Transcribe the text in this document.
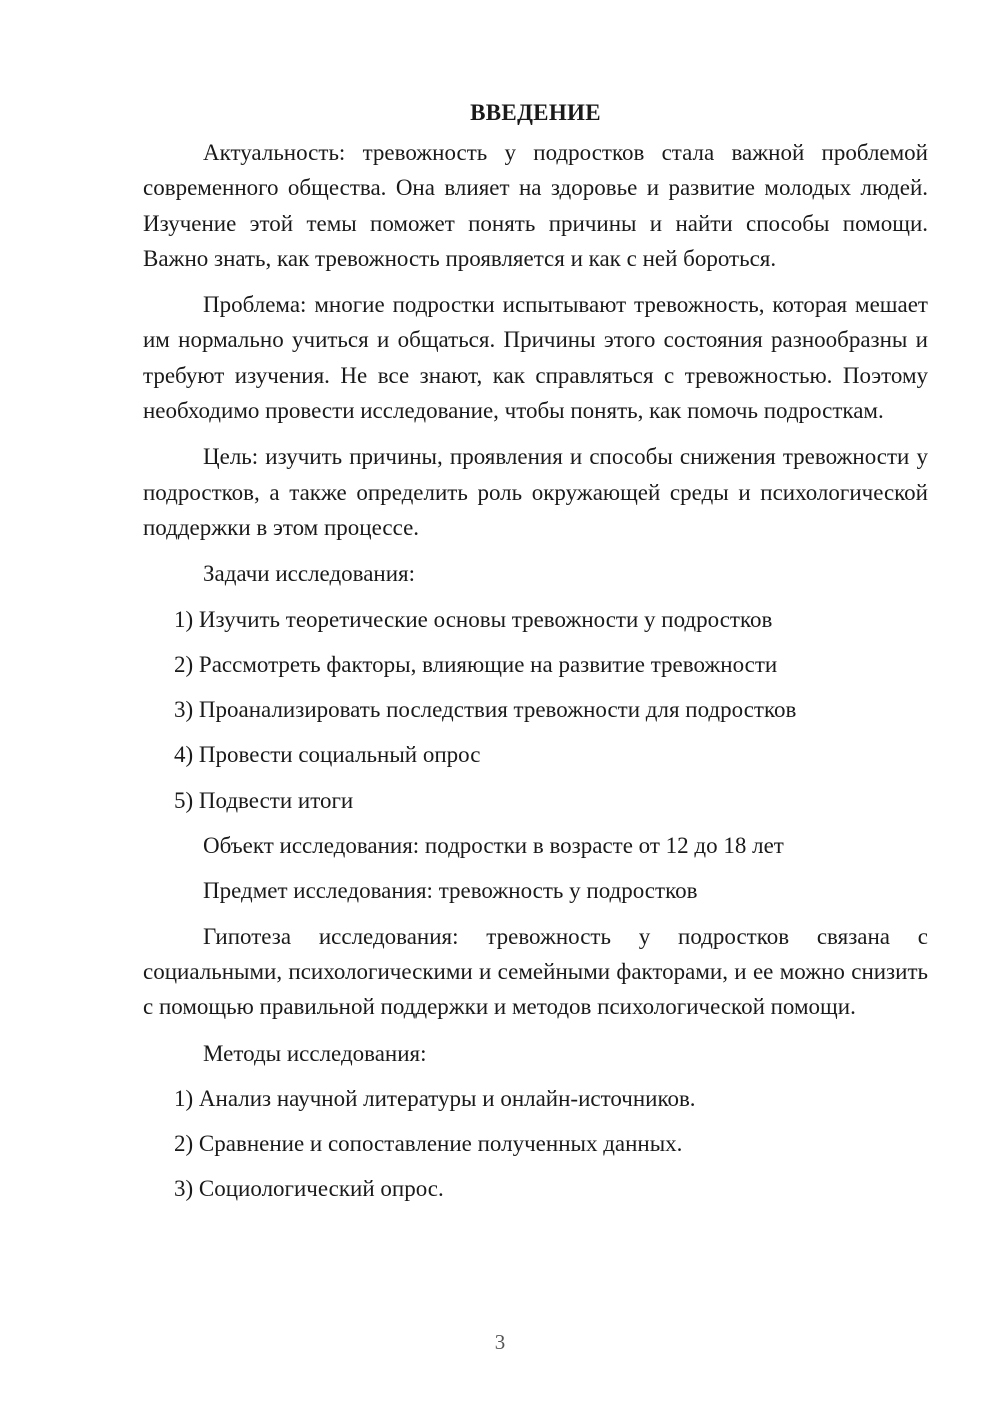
ВВЕДЕНИЕ

Актуальность: тревожность у подростков стала важной проблемой современного общества. Она влияет на здоровье и развитие молодых людей. Изучение этой темы поможет понять причины и найти способы помощи. Важно знать, как тревожность проявляется и как с ней бороться.

Проблема: многие подростки испытывают тревожность, которая мешает им нормально учиться и общаться. Причины этого состояния разнообразны и требуют изучения. Не все знают, как справляться с тревожностью. Поэтому необходимо провести исследование, чтобы понять, как помочь подросткам.

Цель: изучить причины, проявления и способы снижения тревожности у подростков, а также определить роль окружающей среды и психологической поддержки в этом процессе.

Задачи исследования:

1) Изучить теоретические основы тревожности у подростков
2) Рассмотреть факторы, влияющие на развитие тревожности
3) Проанализировать последствия тревожности для подростков
4) Провести социальный опрос
5) Подвести итоги

Объект исследования: подростки в возрасте от 12 до 18 лет

Предмет исследования: тревожность у подростков

Гипотеза исследования: тревожность у подростков связана с социальными, психологическими и семейными факторами, и ее можно снизить с помощью правильной поддержки и методов психологической помощи.

Методы исследования:

1) Анализ научной литературы и онлайн-источников.
2) Сравнение и сопоставление полученных данных.
3) Социологический опрос.
3
